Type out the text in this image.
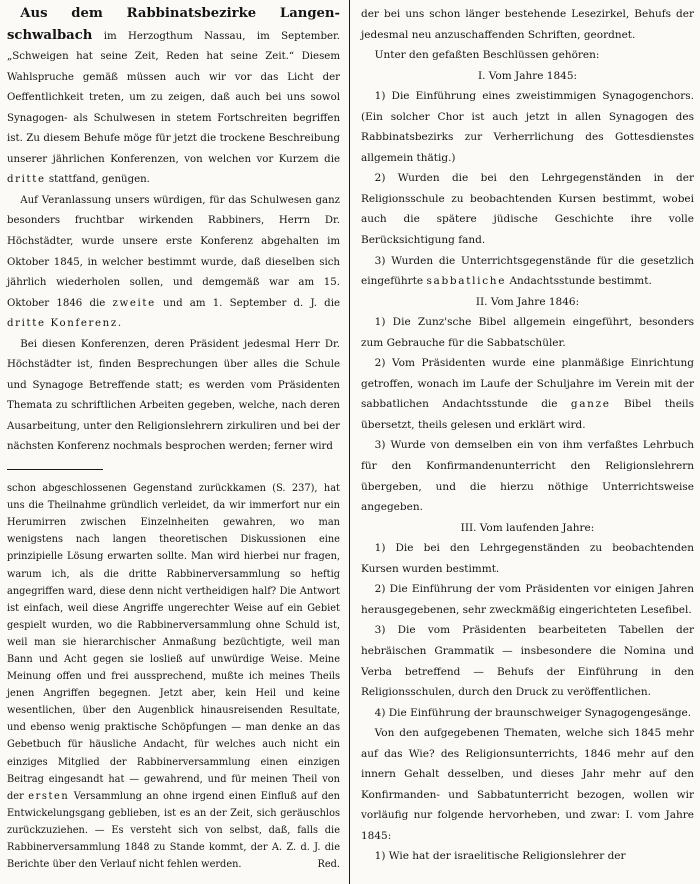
Aus dem Rabbinatsbezirke Langen-schwalbach im Herzogthum Nassau, im September. „Schweigen hat seine Zeit, Reden hat seine Zeit.“ Diesem Wahlspruche gemäß müssen auch wir vor das Licht der Oeffentlichkeit treten, um zu zeigen, daß auch bei uns sowol Synagogen- als Schulwesen in stetem Fortschreiten begriffen ist. Zu diesem Behufe möge für jetzt die trockene Beschreibung unserer jährlichen Konferenzen, von welchen vor Kurzem die dritte stattfand, genügen.

Auf Veranlassung unsers würdigen, für das Schulwesen ganz besonders fruchtbar wirkenden Rabbiners, Herrn Dr. Höchstädter, wurde unsere erste Konferenz abgehalten im Oktober 1845, in welcher bestimmt wurde, daß dieselben sich jährlich wiederholen sollen, und demgemäß war am 15. Oktober 1846 die zweite und am 1. September d. J. die dritte Konferenz.

Bei diesen Konferenzen, deren Präsident jedesmal Herr Dr. Höchstädter ist, finden Besprechungen über alles die Schule und Synagoge Betreffende statt; es werden vom Präsidenten Themata zu schriftlichen Arbeiten gegeben, welche, nach deren Ausarbeitung, unter den Religionslehrern zirkuliren und bei der nächsten Konferenz nochmals besprochen werden; ferner wird

schon abgeschlossenen Gegenstand zurückkamen (S. 237), hat uns die Theilnahme gründlich verleidet, da wir immerfort nur ein Herumirren zwischen Einzelnheiten gewahren, wo man wenigstens nach langen theoretischen Diskussionen eine prinzipielle Lösung erwarten sollte. Man wird hierbei nur fragen, warum ich, als die dritte Rabbinerversammlung so heftig angegriffen ward, diese denn nicht vertheidigen half? Die Antwort ist einfach, weil diese Angriffe ungerechter Weise auf ein Gebiet gespielt wurden, wo die Rabbinerversammlung ohne Schuld ist, weil man sie hierarchischer Anmaßung bezüchtigte, weil man Bann und Acht gegen sie losließ auf unwürdige Weise. Meine Meinung offen und frei aussprechend, mußte ich meines Theils jenen Angriffen begegnen. Jetzt aber, kein Heil und keine wesentlichen, über den Augenblick hinausreisenden Resultate, und ebenso wenig praktische Schöpfungen — man denke an das Gebetbuch für häusliche Andacht, für welches auch nicht ein einziges Mitglied der Rabbinerversammlung einen einzigen Beitrag eingesandt hat — gewahrend, und für meinen Theil von der ersten Versammlung an ohne irgend einen Einfluß auf den Entwickelungsgang geblieben, ist es an der Zeit, sich geräuschlos zurückzuziehen. — Es versteht sich von selbst, daß, falls die Rabbinerversammlung 1848 zu Stande kommt, der A. Z. d. J. die Berichte über den Verlauf nicht fehlen werden.	Red.

der bei uns schon länger bestehende Lesezirkel, Behufs der jedesmal neu anzuschaffenden Schriften, geordnet.

Unter den gefaßten Beschlüssen gehören:

I. Vom Jahre 1845:

1) Die Einführung eines zweistimmigen Synagogenchors. (Ein solcher Chor ist auch jetzt in allen Synagogen des Rabbinatsbezirks zur Verherrlichung des Gottesdienstes allgemein thätig.)

2) Wurden die bei den Lehrgegenständen in der Religionsschule zu beobachtenden Kursen bestimmt, wobei auch die spätere jüdische Geschichte ihre volle Berücksichtigung fand.

3) Wurden die Unterrichtsgegenstände für die gesetzlich eingeführte sabbatliche Andachtsstunde bestimmt.

II. Vom Jahre 1846:

1) Die Zunz'sche Bibel allgemein eingeführt, besonders zum Gebrauche für die Sabbatschüler.

2) Vom Präsidenten wurde eine planmäßige Einrichtung getroffen, wonach im Laufe der Schuljahre im Verein mit der sabbatlichen Andachtsstunde die ganze Bibel theils übersetzt, theils gelesen und erklärt wird.

3) Wurde von demselben ein von ihm verfaßtes Lehrbuch für den Konfirmandenunterricht den Religionslehrern übergeben, und die hierzu nöthige Unterrichtsweise angegeben.

III. Vom laufenden Jahre:

1) Die bei den Lehrgegenständen zu beobachtenden Kursen wurden bestimmt.

2) Die Einführung der vom Präsidenten vor einigen Jahren herausgegebenen, sehr zweckmäßig eingerichteten Lesefibel.

3) Die vom Präsidenten bearbeiteten Tabellen der hebräischen Grammatik — insbesondere die Nomina und Verba betreffend — Behufs der Einführung in den Religionsschulen, durch den Druck zu veröffentlichen.

4) Die Einführung der braunschweiger Synagogengesänge.

Von den aufgegebenen Thematen, welche sich 1845 mehr auf das Wie? des Religionsunterrichts, 1846 mehr auf den innern Gehalt desselben, und dieses Jahr mehr auf den Konfirmanden- und Sabbatunterricht bezogen, wollen wir vorläufig nur folgende hervorheben, und zwar: I. vom Jahre 1845:

1) Wie hat der israelitische Religionslehrer der
